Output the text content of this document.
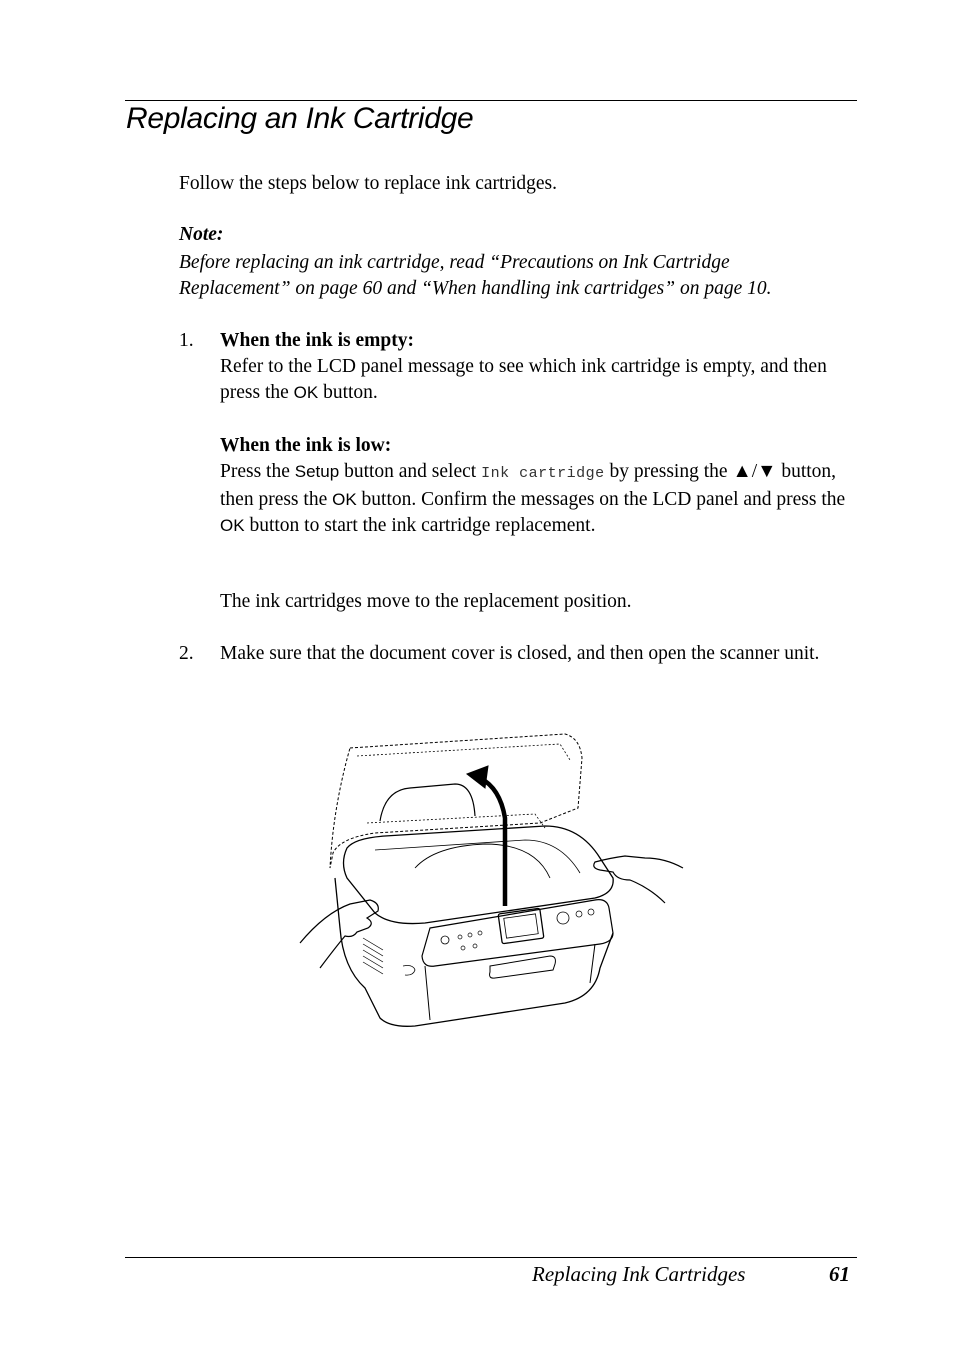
Replacing an Ink Cartridge
Follow the steps below to replace ink cartridges.
Note:
Before replacing an ink cartridge, read “Precautions on Ink Cartridge
Replacement” on page 60 and “When handling ink cartridges” on page 10.
1. When the ink is empty:
Refer to the LCD panel message to see which ink cartridge is empty, and then press the OK button.
When the ink is low:
Press the Setup button and select Ink cartridge by pressing the ▲/▼ button, then press the OK button. Confirm the messages on the LCD panel and press the OK button to start the ink cartridge replacement.
The ink cartridges move to the replacement position.
2. Make sure that the document cover is closed, and then open the scanner unit.
Replacing Ink Cartridges	61
